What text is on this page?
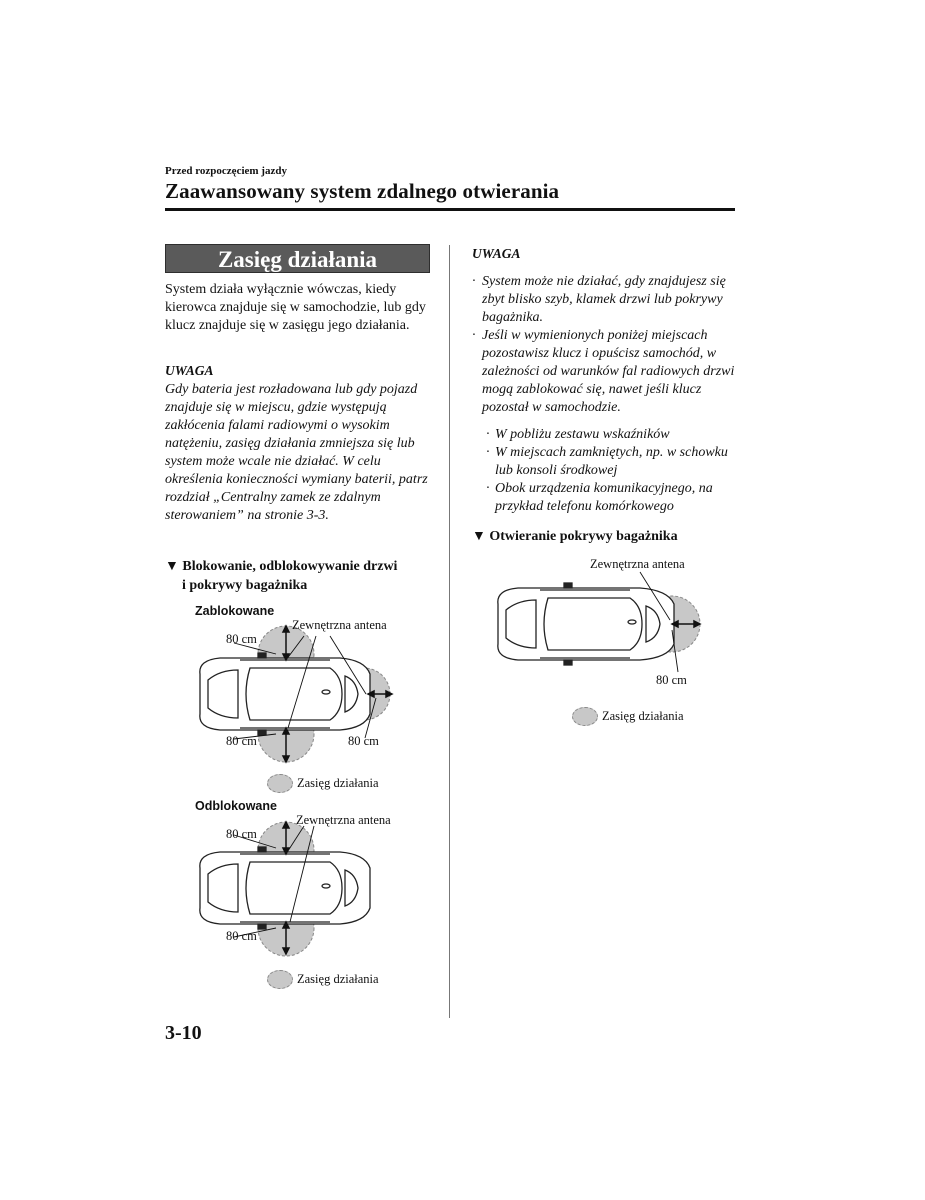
Przed rozpoczęciem jazdy
Zaawansowany system zdalnego otwierania
Zasięg działania
System działa wyłącznie wówczas, kiedy kierowca znajduje się w samochodzie, lub gdy klucz znajduje się w zasięgu jego działania.
UWAGA
Gdy bateria jest rozładowana lub gdy pojazd znajduje się w miejscu, gdzie występują zakłócenia falami radiowymi o wysokim natężeniu, zasięg działania zmniejsza się lub system może wcale nie działać. W celu określenia konieczności wymiany baterii, patrz rozdział „Centralny zamek ze zdalnym sterowaniem” na stronie 3-3.
▼ Blokowanie, odblokowywanie drzwi
i pokrywy bagażnika
Zablokowane
Zewnętrzna antena
80 cm
80 cm	80 cm
Zasięg działania
Odblokowane
Zewnętrzna antena
80 cm
80 cm
Zasięg działania
UWAGA
· System może nie działać, gdy znajdujesz się zbyt blisko szyb, klamek drzwi lub pokrywy bagażnika.
· Jeśli w wymienionych poniżej miejscach pozostawisz klucz i opuścisz samochód, w zależności od warunków fal radiowych drzwi mogą zablokować się, nawet jeśli klucz pozostał w samochodzie.
· W pobliżu zestawu wskaźników
· W miejscach zamkniętych, np. w schowku lub konsoli środkowej
· Obok urządzenia komunikacyjnego, na przykład telefonu komórkowego
▼ Otwieranie pokrywy bagażnika
Zewnętrzna antena
80 cm
Zasięg działania
3-10
